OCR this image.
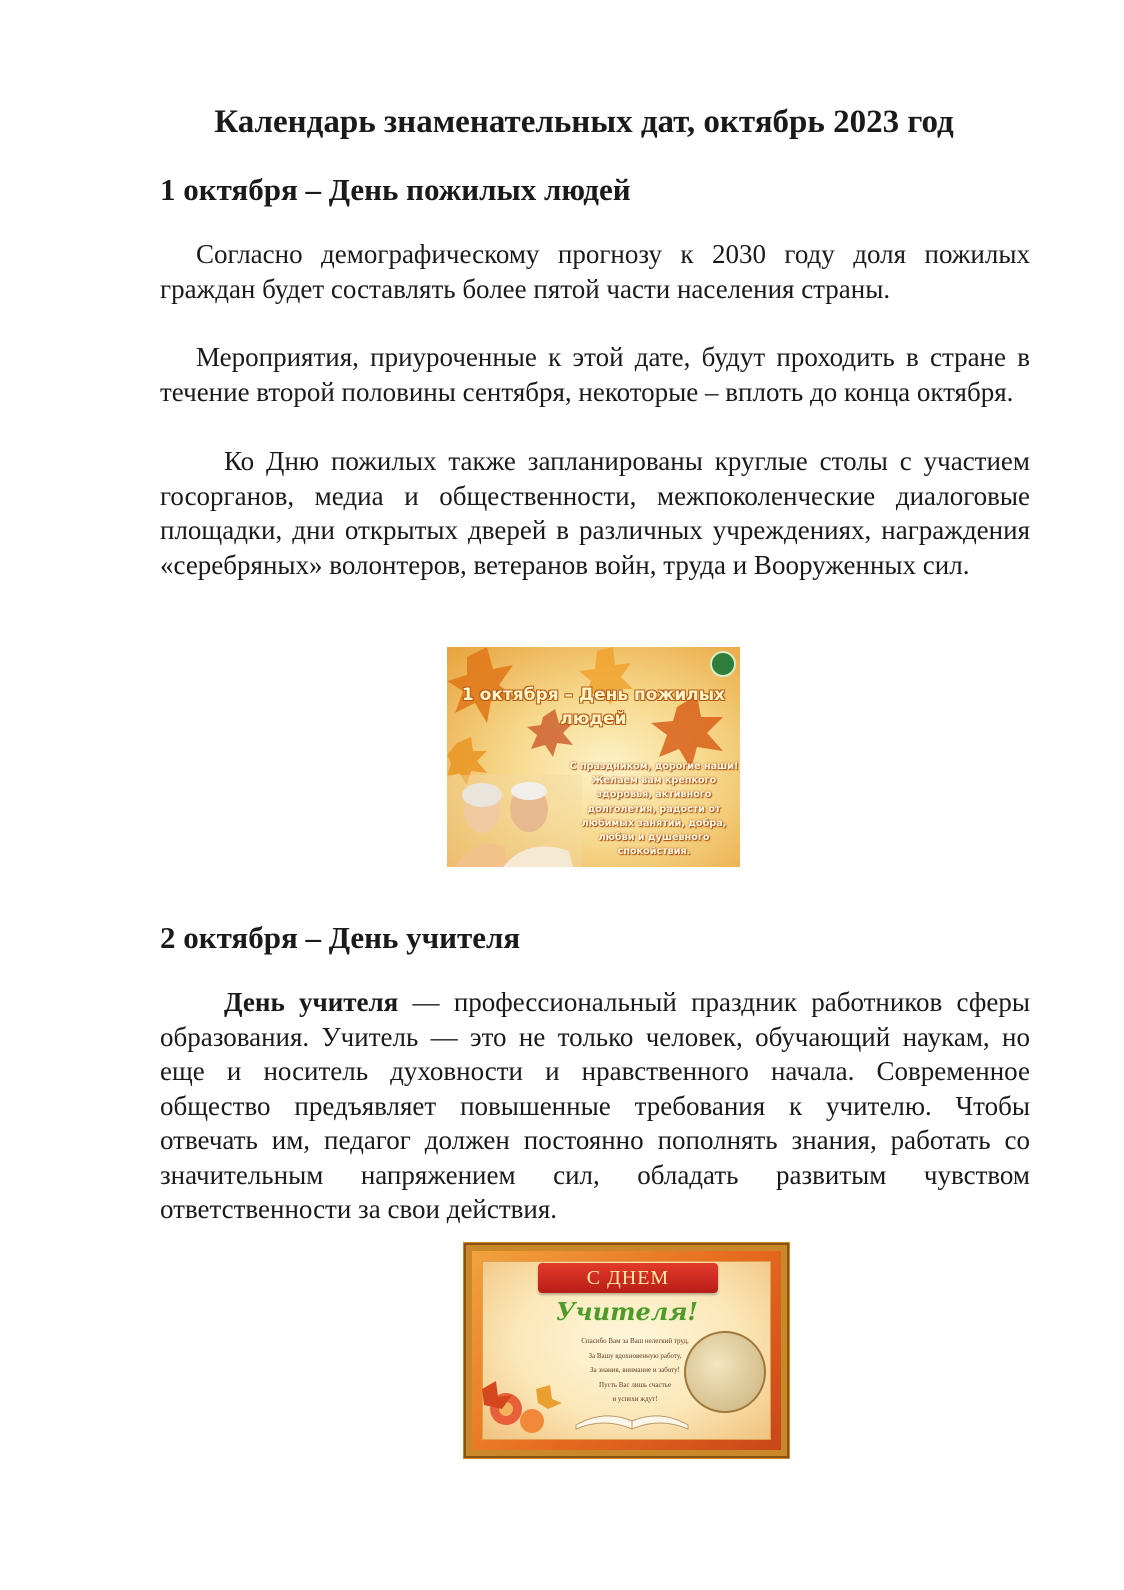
Календарь знаменательных дат, октябрь 2023 год
1 октября – День пожилых людей

Согласно демографическому прогнозу к 2030 году доля пожилых граждан будет составлять более пятой части населения страны.

Мероприятия, приуроченные к этой дате, будут проходить в стране в течение второй половины сентября, некоторые – вплоть до конца октября.

Ко Дню пожилых также запланированы круглые столы с участием госорганов, медиа и общественности, межпоколенческие диалоговые площадки, дни открытых дверей в различных учреждениях, награждения «серебряных» волонтеров, ветеранов войн, труда и Вооруженных сил.

1 октября – День пожилых
людей
С праздником, дорогие наши!
Желаем вам крепкого
здоровья, активного
долголетия, радости от
любимых занятий, добра,
любви и душевного
спокойствия.
2 октября – День учителя

День учителя — профессиональный праздник работников сферы образования. Учитель — это не только человек, обучающий наукам, но еще и носитель духовности и нравственного начала. Современное общество предъявляет повышенные требования к учителю. Чтобы отвечать им, педагог должен постоянно пополнять знания, работать со значительным напряжением сил, обладать развитым чувством ответственности за свои действия.

С ДНЕМ
Учителя!
Спасибо Вам за Ваш нелегкий труд,
За Вашу вдохновенную работу,
За знания, внимание и заботу!
Пусть Вас лишь счастье
и успехи ждут!
